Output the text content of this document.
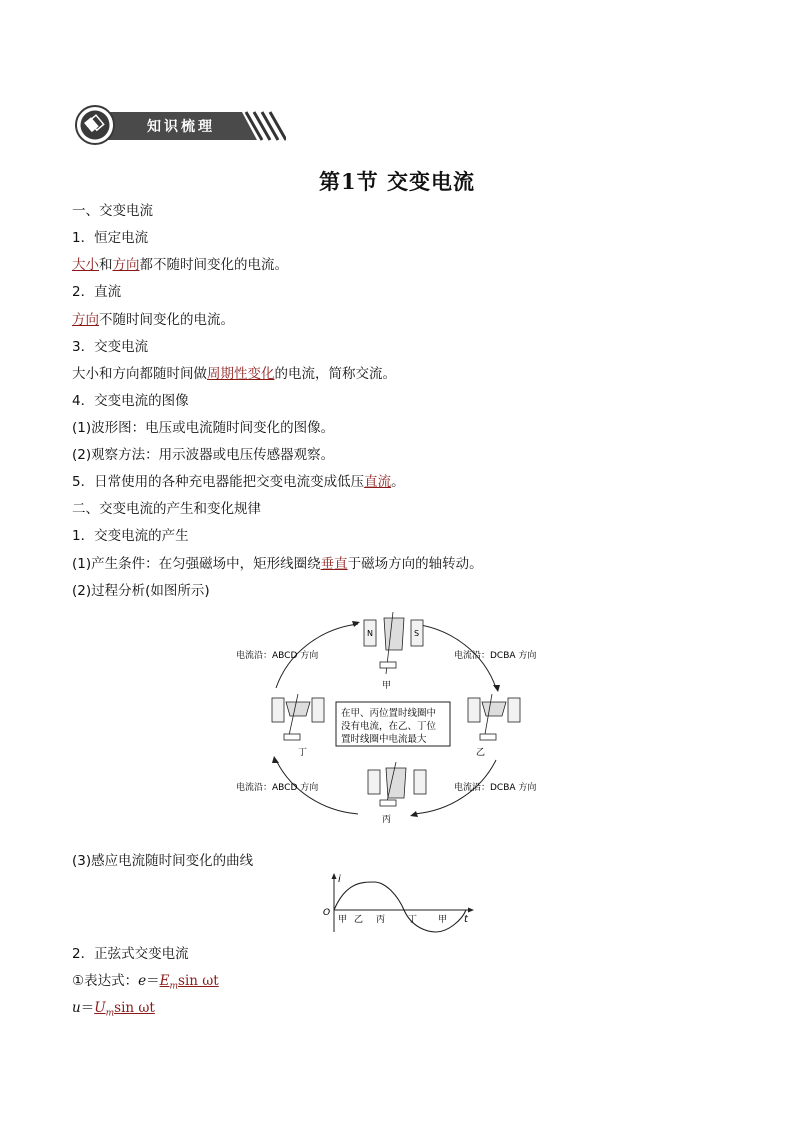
知识梳理
第1节 交变电流
一、交变电流
1．恒定电流
大小和方向都不随时间变化的电流。
2．直流
方向不随时间变化的电流。
3．交变电流
大小和方向都随时间做周期性变化的电流，简称交流。
4．交变电流的图像
(1)波形图：电压或电流随时间变化的图像。
(2)观察方法：用示波器或电压传感器观察。
5．日常使用的各种充电器能把交变电流变成低压直流。
二、交变电流的产生和变化规律
1．交变电流的产生
(1)产生条件：在匀强磁场中，矩形线圈绕垂直于磁场方向的轴转动。
(2)过程分析(如图所示)
N	S
甲
乙
丁
丙
电流沿：ABCD 方向	电流沿：DCBA 方向
电流沿：ABCD 方向	电流沿：DCBA 方向
在甲、丙位置时线圈中
没有电流，在乙、丁位
置时线圈中电流最大
(3)感应电流随时间变化的曲线
i
t
O
甲 乙 丙	丁 甲
2．正弦式交变电流
①表达式：$e=E_m\sin$ ωt
$u=U_m\sin$ ωt
